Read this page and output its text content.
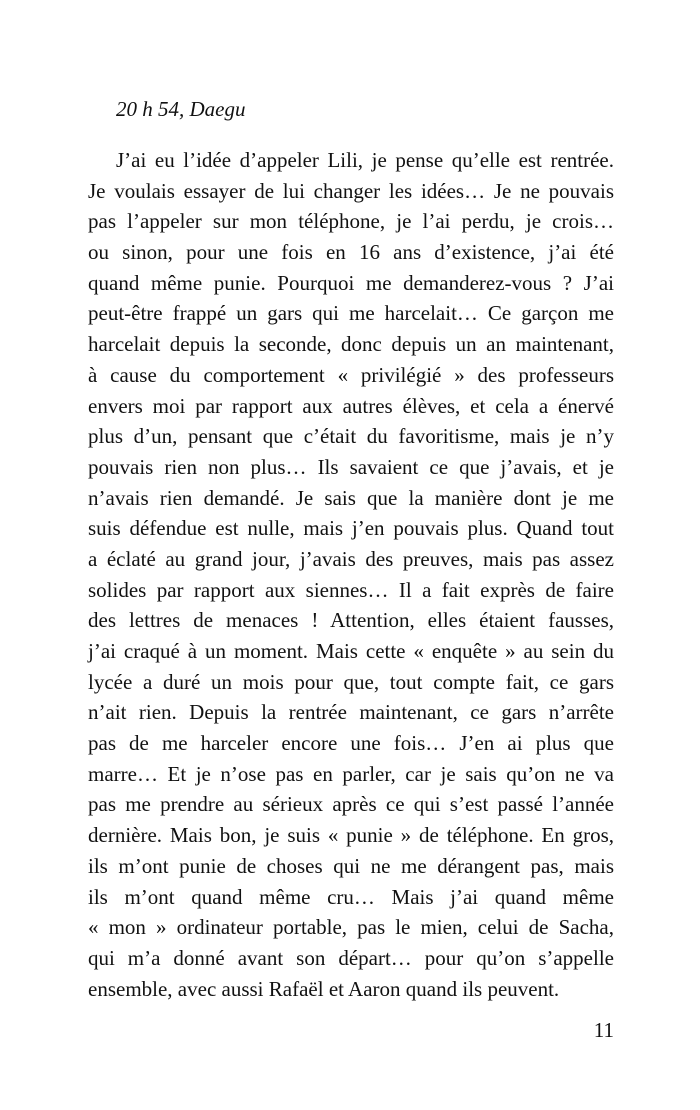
20 h 54, Daegu
J’ai eu l’idée d’appeler Lili, je pense qu’elle est rentrée.
Je voulais essayer de lui changer les idées… Je ne pouvais
pas l’appeler sur mon téléphone, je l’ai perdu, je crois…
ou sinon, pour une fois en 16 ans d’existence, j’ai été
quand même punie. Pourquoi me demanderez-vous ? J’ai
peut-être frappé un gars qui me harcelait… Ce garçon me
harcelait depuis la seconde, donc depuis un an maintenant,
à cause du comportement « privilégié » des professeurs
envers moi par rapport aux autres élèves, et cela a énervé
plus d’un, pensant que c’était du favoritisme, mais je n’y
pouvais rien non plus… Ils savaient ce que j’avais, et je
n’avais rien demandé. Je sais que la manière dont je me
suis défendue est nulle, mais j’en pouvais plus. Quand tout
a éclaté au grand jour, j’avais des preuves, mais pas assez
solides par rapport aux siennes… Il a fait exprès de faire
des lettres de menaces ! Attention, elles étaient fausses,
j’ai craqué à un moment. Mais cette « enquête » au sein du
lycée a duré un mois pour que, tout compte fait, ce gars
n’ait rien. Depuis la rentrée maintenant, ce gars n’arrête
pas de me harceler encore une fois… J’en ai plus que
marre… Et je n’ose pas en parler, car je sais qu’on ne va
pas me prendre au sérieux après ce qui s’est passé l’année
dernière. Mais bon, je suis « punie » de téléphone. En gros,
ils m’ont punie de choses qui ne me dérangent pas, mais
ils m’ont quand même cru… Mais j’ai quand même
« mon » ordinateur portable, pas le mien, celui de Sacha,
qui m’a donné avant son départ… pour qu’on s’appelle
ensemble, avec aussi Rafaël et Aaron quand ils peuvent.
11
